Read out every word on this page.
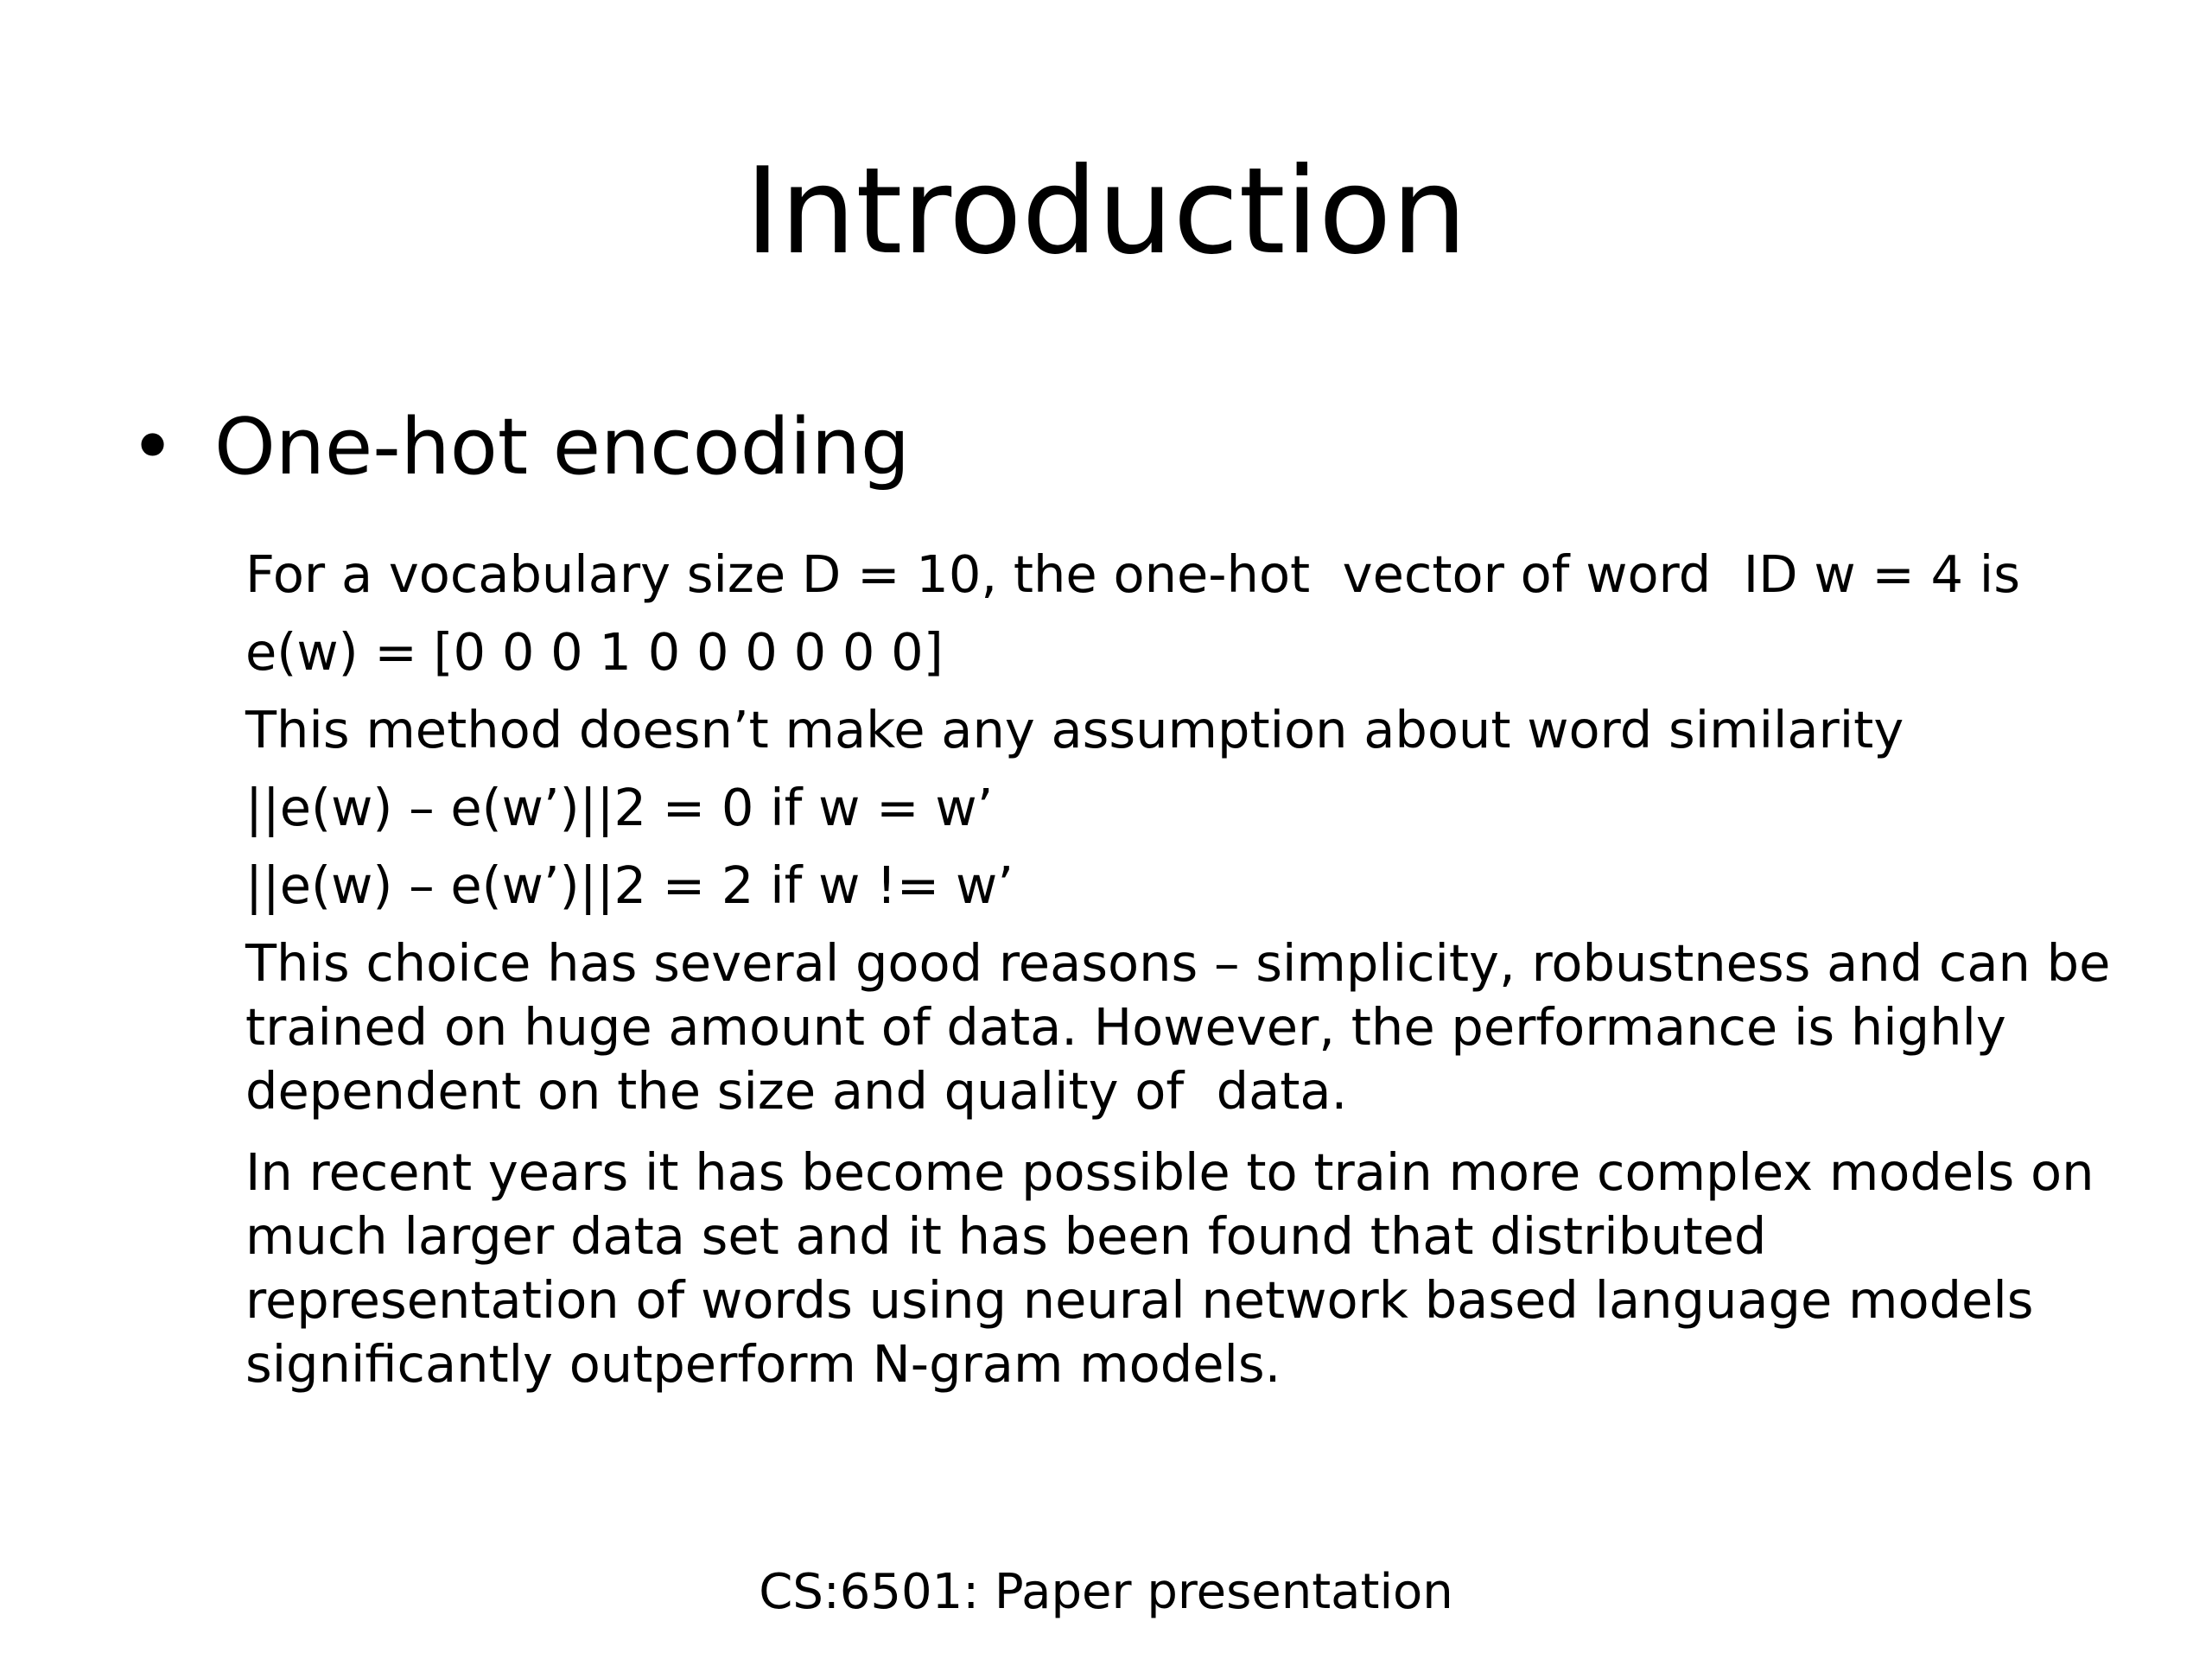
Introduction
• One-hot encoding

For a vocabulary size D = 10, the one-hot  vector of word  ID w = 4 is

e(w) = [0 0 0 1 0 0 0 0 0 0]

This method doesn’t make any assumption about word similarity

||e(w) – e(w’)||2 = 0 if w = w’

||e(w) – e(w’)||2 = 2 if w != w’

This choice has several good reasons – simplicity, robustness and can be trained on huge amount of data. However, the performance is highly dependent on the size and quality of  data.

In recent years it has become possible to train more complex models on much larger data set and it has been found that distributed representation of words using neural network based language models significantly outperform N-gram models.

CS:6501: Paper presentation
